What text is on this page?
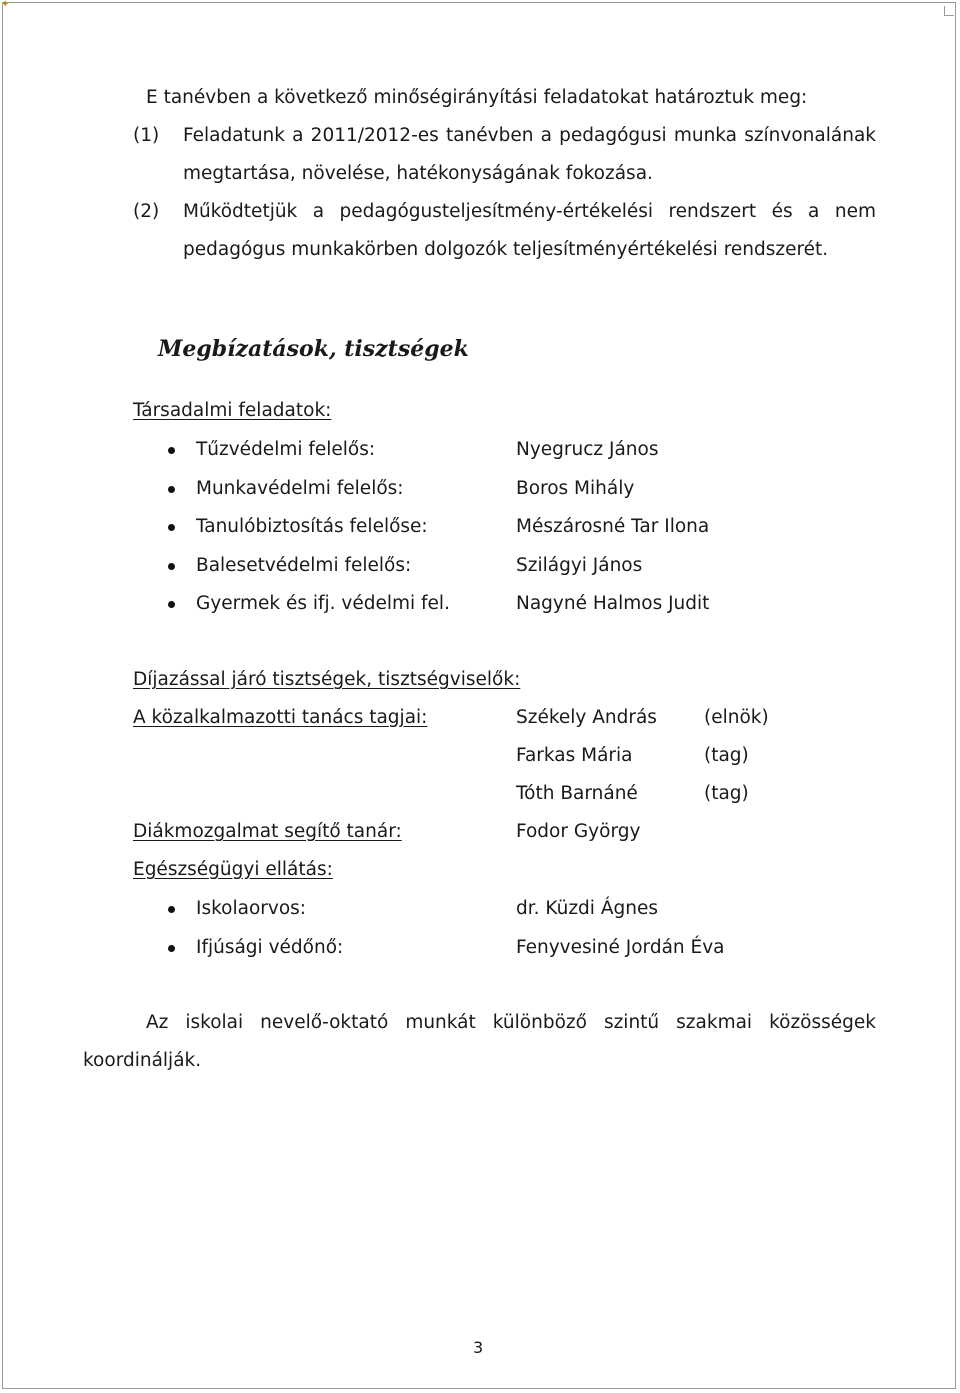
✦
E tanévben a következő minőségirányítási feladatokat határoztuk meg:
(1) Feladatunk a 2011/2012-es tanévben a pedagógusi munka színvonalának
megtartása, növelése, hatékonyságának fokozása.
(2) Működtetjük a pedagógusteljesítmény-értékelési rendszert és a nem
pedagógus munkakörben dolgozók teljesítményértékelési rendszerét.
Megbízatások, tisztségek
Társadalmi feladatok:
Tűzvédelmi felelős:	Nyegrucz János
Munkavédelmi felelős:	Boros Mihály
Tanulóbiztosítás felelőse:	Mészárosné Tar Ilona
Balesetvédelmi felelős:	Szilágyi János
Gyermek és ifj. védelmi fel.	Nagyné Halmos Judit
Díjazással járó tisztségek, tisztségviselők:
A közalkalmazotti tanács tagjai:	Székely András	(elnök)
Farkas Mária	(tag)
Tóth Barnáné	(tag)
Diákmozgalmat segítő tanár:	Fodor György
Egészségügyi ellátás:
Iskolaorvos:	dr. Küzdi Ágnes
Ifjúsági védőnő:	Fenyvesiné Jordán Éva
Az iskolai nevelő-oktató munkát különböző szintű szakmai közösségek
koordinálják.
3
